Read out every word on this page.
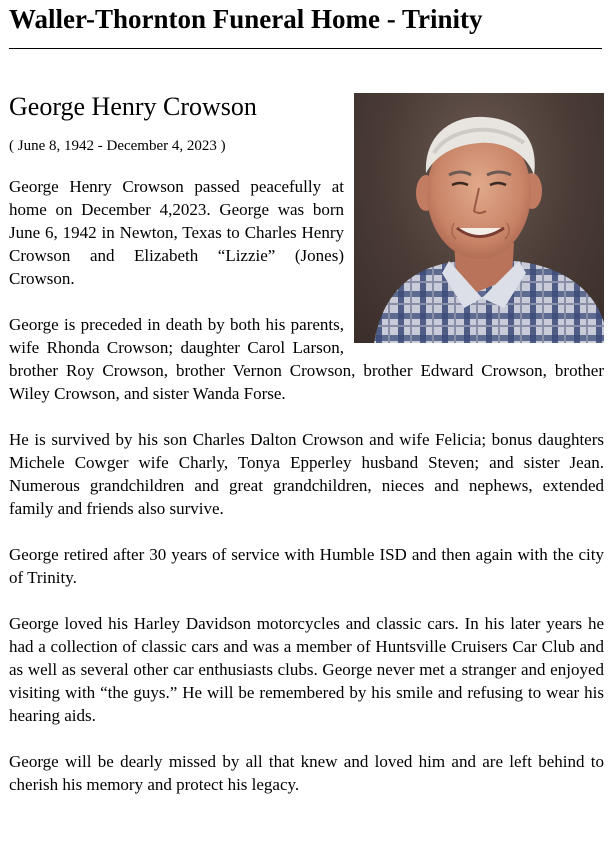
Waller-Thornton Funeral Home - Trinity
George Henry Crowson
( June 8, 1942 - December 4, 2023 )

George Henry Crowson passed peacefully at home on December 4,2023. George was born June 6, 1942 in Newton, Texas to Charles Henry Crowson and Elizabeth “Lizzie” (Jones) Crowson.

George is preceded in death by both his parents, wife Rhonda Crowson; daughter Carol Larson, brother Roy Crowson, brother Vernon Crowson, brother Edward Crowson, brother Wiley Crowson, and sister Wanda Forse.

He is survived by his son Charles Dalton Crowson and wife Felicia; bonus daughters Michele Cowger wife Charly, Tonya Epperley husband Steven; and sister Jean. Numerous grandchildren and great grandchildren, nieces and nephews, extended family and friends also survive.

George retired after 30 years of service with Humble ISD and then again with the city of Trinity.

George loved his Harley Davidson motorcycles and classic cars. In his later years he had a collection of classic cars and was a member of Huntsville Cruisers Car Club and as well as several other car enthusiasts clubs. George never met a stranger and enjoyed visiting with “the guys.” He will be remembered by his smile and refusing to wear his hearing aids.

George will be dearly missed by all that knew and loved him and are left behind to cherish his memory and protect his legacy.
